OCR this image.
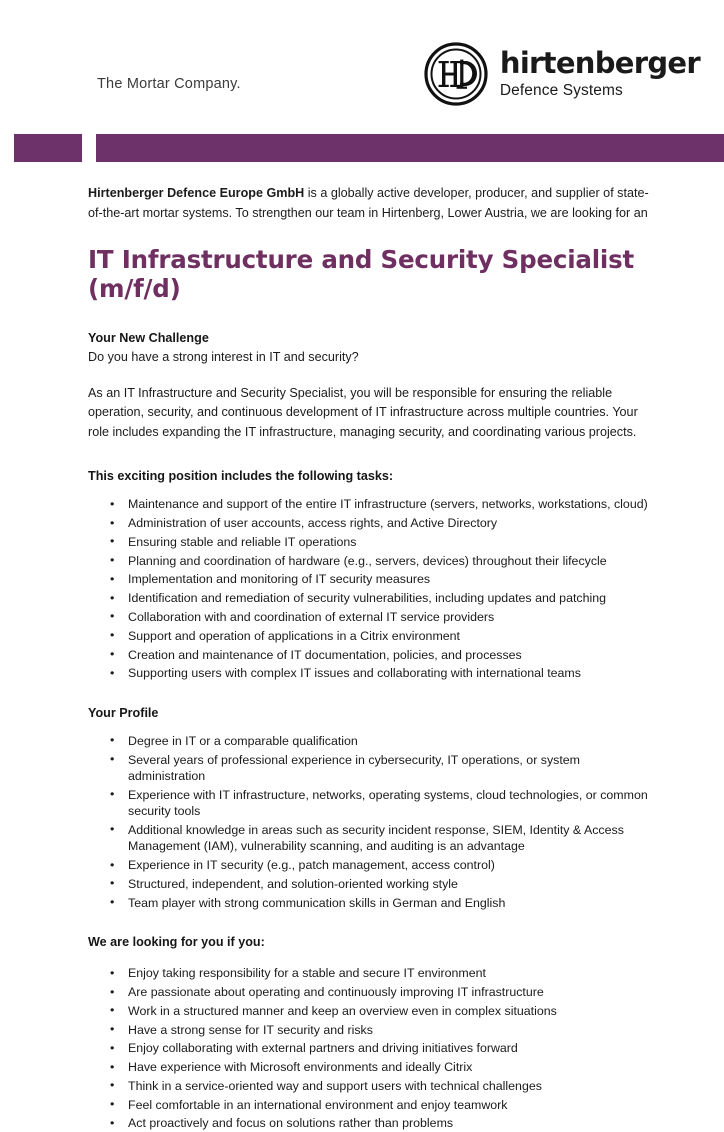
The Mortar Company.
hirtenberger
Defence Systems

Hirtenberger Defence Europe GmbH is a globally active developer, producer, and supplier of state-of-the-art mortar systems. To strengthen our team in Hirtenberg, Lower Austria, we are looking for an

IT Infrastructure and Security Specialist (m/f/d)
Your New Challenge

Do you have a strong interest in IT and security?

As an IT Infrastructure and Security Specialist, you will be responsible for ensuring the reliable operation, security, and continuous development of IT infrastructure across multiple countries. Your role includes expanding the IT infrastructure, managing security, and coordinating various projects.

This exciting position includes the following tasks:
• Maintenance and support of the entire IT infrastructure (servers, networks, workstations, cloud)
• Administration of user accounts, access rights, and Active Directory
• Ensuring stable and reliable IT operations
• Planning and coordination of hardware (e.g., servers, devices) throughout their lifecycle
• Implementation and monitoring of IT security measures
• Identification and remediation of security vulnerabilities, including updates and patching
• Collaboration with and coordination of external IT service providers
• Support and operation of applications in a Citrix environment
• Creation and maintenance of IT documentation, policies, and processes
• Supporting users with complex IT issues and collaborating with international teams
Your Profile
• Degree in IT or a comparable qualification
• Several years of professional experience in cybersecurity, IT operations, or system administration
• Experience with IT infrastructure, networks, operating systems, cloud technologies, or common security tools
• Additional knowledge in areas such as security incident response, SIEM, Identity & Access Management (IAM), vulnerability scanning, and auditing is an advantage
• Experience in IT security (e.g., patch management, access control)
• Structured, independent, and solution-oriented working style
• Team player with strong communication skills in German and English
We are looking for you if you:
• Enjoy taking responsibility for a stable and secure IT environment
• Are passionate about operating and continuously improving IT infrastructure
• Work in a structured manner and keep an overview even in complex situations
• Have a strong sense for IT security and risks
• Enjoy collaborating with external partners and driving initiatives forward
• Have experience with Microsoft environments and ideally Citrix
• Think in a service-oriented way and support users with technical challenges
• Feel comfortable in an international environment and enjoy teamwork
• Act proactively and focus on solutions rather than problems
